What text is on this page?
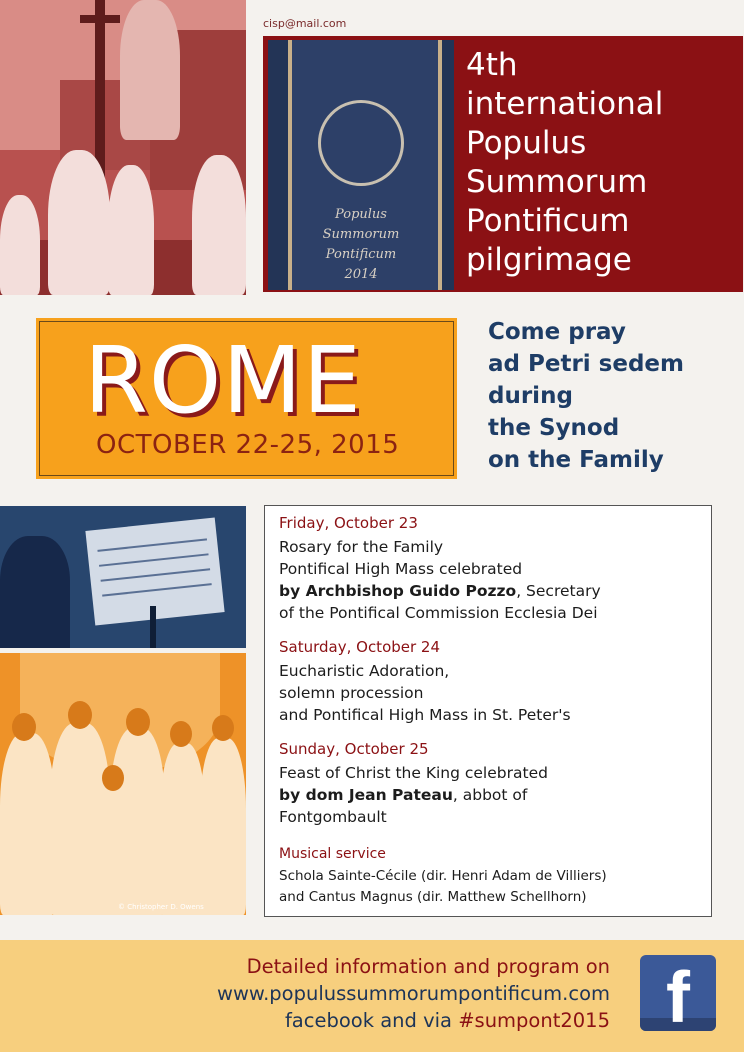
cisp@mail.com
Populus
Summorum
Pontificum
2014
4th
international
Populus
Summorum
Pontificum
pilgrimage
ROME
OCTOBER 22-25, 2015
Come pray
ad Petri sedem
during
the Synod
on the Family
© Christopher D. Owens
Friday, October 23
Rosary for the Family
Pontifical High Mass celebrated
by Archbishop Guido Pozzo, Secretary
of the Pontifical Commission Ecclesia Dei
Saturday, October 24
Eucharistic Adoration,
solemn procession
and Pontifical High Mass in St. Peter's
Sunday, October 25
Feast of Christ the King celebrated
by dom Jean Pateau, abbot of
Fontgombault
Musical service
Schola Sainte-Cécile (dir. Henri Adam de Villiers)
and Cantus Magnus (dir. Matthew Schellhorn)
Detailed information and program on
www.populussummorumpontificum.com
facebook and via #sumpont2015 f
